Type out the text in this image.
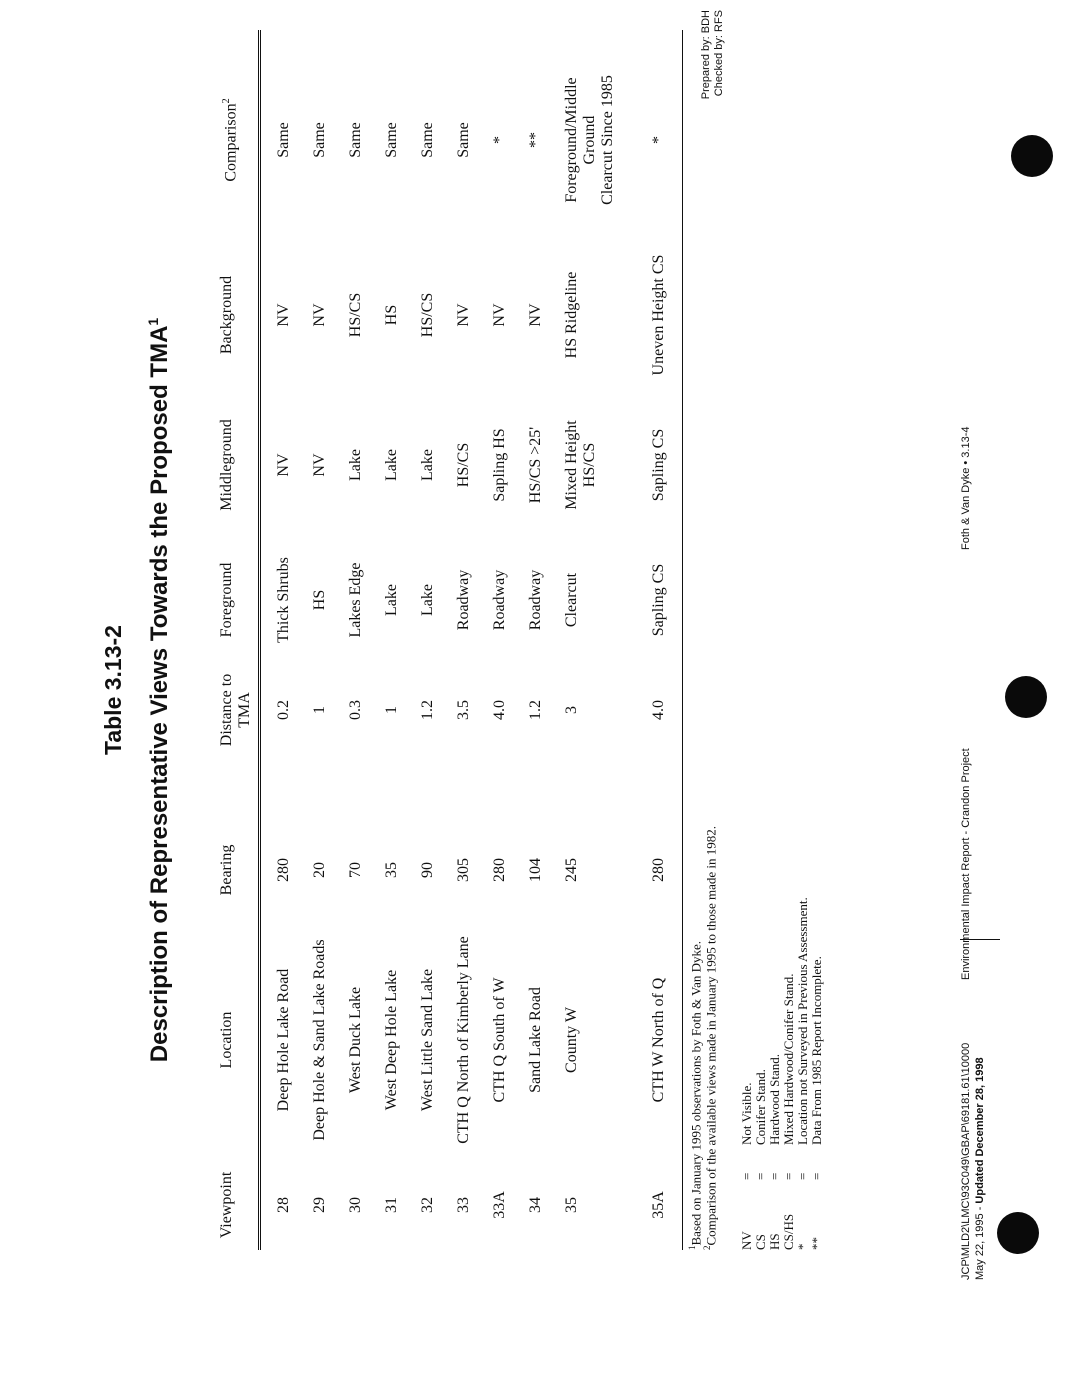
Table 3.13-2 Description of Representative Views Towards the Proposed TMA$^1$
Viewpoint
Location
Bearing
Distance to TMA
Foreground
Middleground
Background
Comparison$^2$
28
Deep Hole Lake Road
280
0.2
Thick Shrubs
NV
NV
Same
29
Deep Hole & Sand Lake Roads
20
1
HS
NV
NV
Same
30
West Duck Lake
70
0.3
Lakes Edge
Lake
HS/CS
Same
31
West Deep Hole Lake
35
1
Lake
Lake
HS
Same
32
West Little Sand Lake
90
1.2
Lake
Lake
HS/CS
Same
33
CTH Q North of Kimberly Lane
305
3.5
Roadway
HS/CS
NV
Same
33A
CTH Q South of W
280
4.0
Roadway
Sapling HS
NV
*
34
Sand Lake Road
104
1.2
Roadway
HS/CS >25'
NV
**
35
County W
245
3
Clearcut
Mixed Height HS/CS
HS Ridgeline
Foreground/Middle Ground Clearcut Since 1985
35A
CTH W North of Q
280
4.0
Sapling CS
Sapling CS
Uneven Height CS
*
$^1$Based on January 1995 observations by Foth & Van Dyke.
$^2$Comparison of the available views made in January 1995 to those made in 1982. NV
=
Not Visible.
CS
=
Conifer Stand.
HS
=
Hardwood Stand.
CS/HS
=
Mixed Hardwood/Conifer Stand.
*
=
Location not Surveyed in Previous Assessment.
**
=
Data From 1985 Report Incomplete.
Prepared by: BDH Checked by: RFS
JCP\MLD2\LMC\93C049\GBAP\69181.61\10000 May 22, 1995 - Updated December 28, 1998
Environmental Impact Report - Crandon Project
Foth & Van Dyke • 3.13-4
